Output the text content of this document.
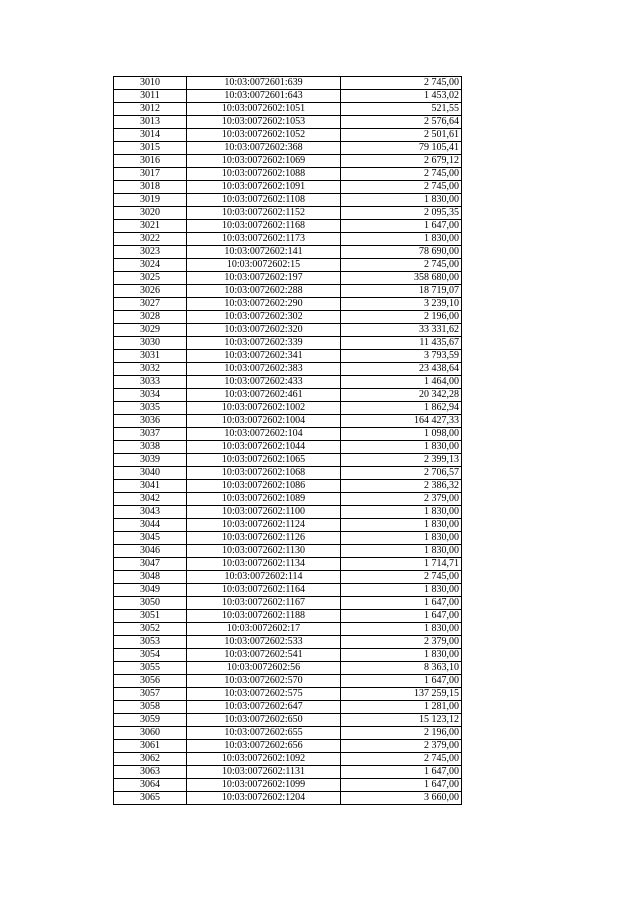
3010	10:03:0072601:639	2 745,00
3011	10:03:0072601:643	1 453,02
3012	10:03:0072602:1051	521,55
3013	10:03:0072602:1053	2 576,64
3014	10:03:0072602:1052	2 501,61
3015	10:03:0072602:368	79 105,41
3016	10:03:0072602:1069	2 679,12
3017	10:03:0072602:1088	2 745,00
3018	10:03:0072602:1091	2 745,00
3019	10:03:0072602:1108	1 830,00
3020	10:03:0072602:1152	2 095,35
3021	10:03:0072602:1168	1 647,00
3022	10:03:0072602:1173	1 830,00
3023	10:03:0072602:141	78 690,00
3024	10:03:0072602:15	2 745,00
3025	10:03:0072602:197	358 680,00
3026	10:03:0072602:288	18 719,07
3027	10:03:0072602:290	3 239,10
3028	10:03:0072602:302	2 196,00
3029	10:03:0072602:320	33 331,62
3030	10:03:0072602:339	11 435,67
3031	10:03:0072602:341	3 793,59
3032	10:03:0072602:383	23 438,64
3033	10:03:0072602:433	1 464,00
3034	10:03:0072602:461	20 342,28
3035	10:03:0072602:1002	1 862,94
3036	10:03:0072602:1004	164 427,33
3037	10:03:0072602:104	1 098,00
3038	10:03:0072602:1044	1 830,00
3039	10:03:0072602:1065	2 399,13
3040	10:03:0072602:1068	2 706,57
3041	10:03:0072602:1086	2 386,32
3042	10:03:0072602:1089	2 379,00
3043	10:03:0072602:1100	1 830,00
3044	10:03:0072602:1124	1 830,00
3045	10:03:0072602:1126	1 830,00
3046	10:03:0072602:1130	1 830,00
3047	10:03:0072602:1134	1 714,71
3048	10:03:0072602:114	2 745,00
3049	10:03:0072602:1164	1 830,00
3050	10:03:0072602:1167	1 647,00
3051	10:03:0072602:1188	1 647,00
3052	10:03:0072602:17	1 830,00
3053	10:03:0072602:533	2 379,00
3054	10:03:0072602:541	1 830,00
3055	10:03:0072602:56	8 363,10
3056	10:03:0072602:570	1 647,00
3057	10:03:0072602:575	137 259,15
3058	10:03:0072602:647	1 281,00
3059	10:03:0072602:650	15 123,12
3060	10:03:0072602:655	2 196,00
3061	10:03:0072602:656	2 379,00
3062	10:03:0072602:1092	2 745,00
3063	10:03:0072602:1131	1 647,00
3064	10:03:0072602:1099	1 647,00
3065	10:03:0072602:1204	3 660,00
